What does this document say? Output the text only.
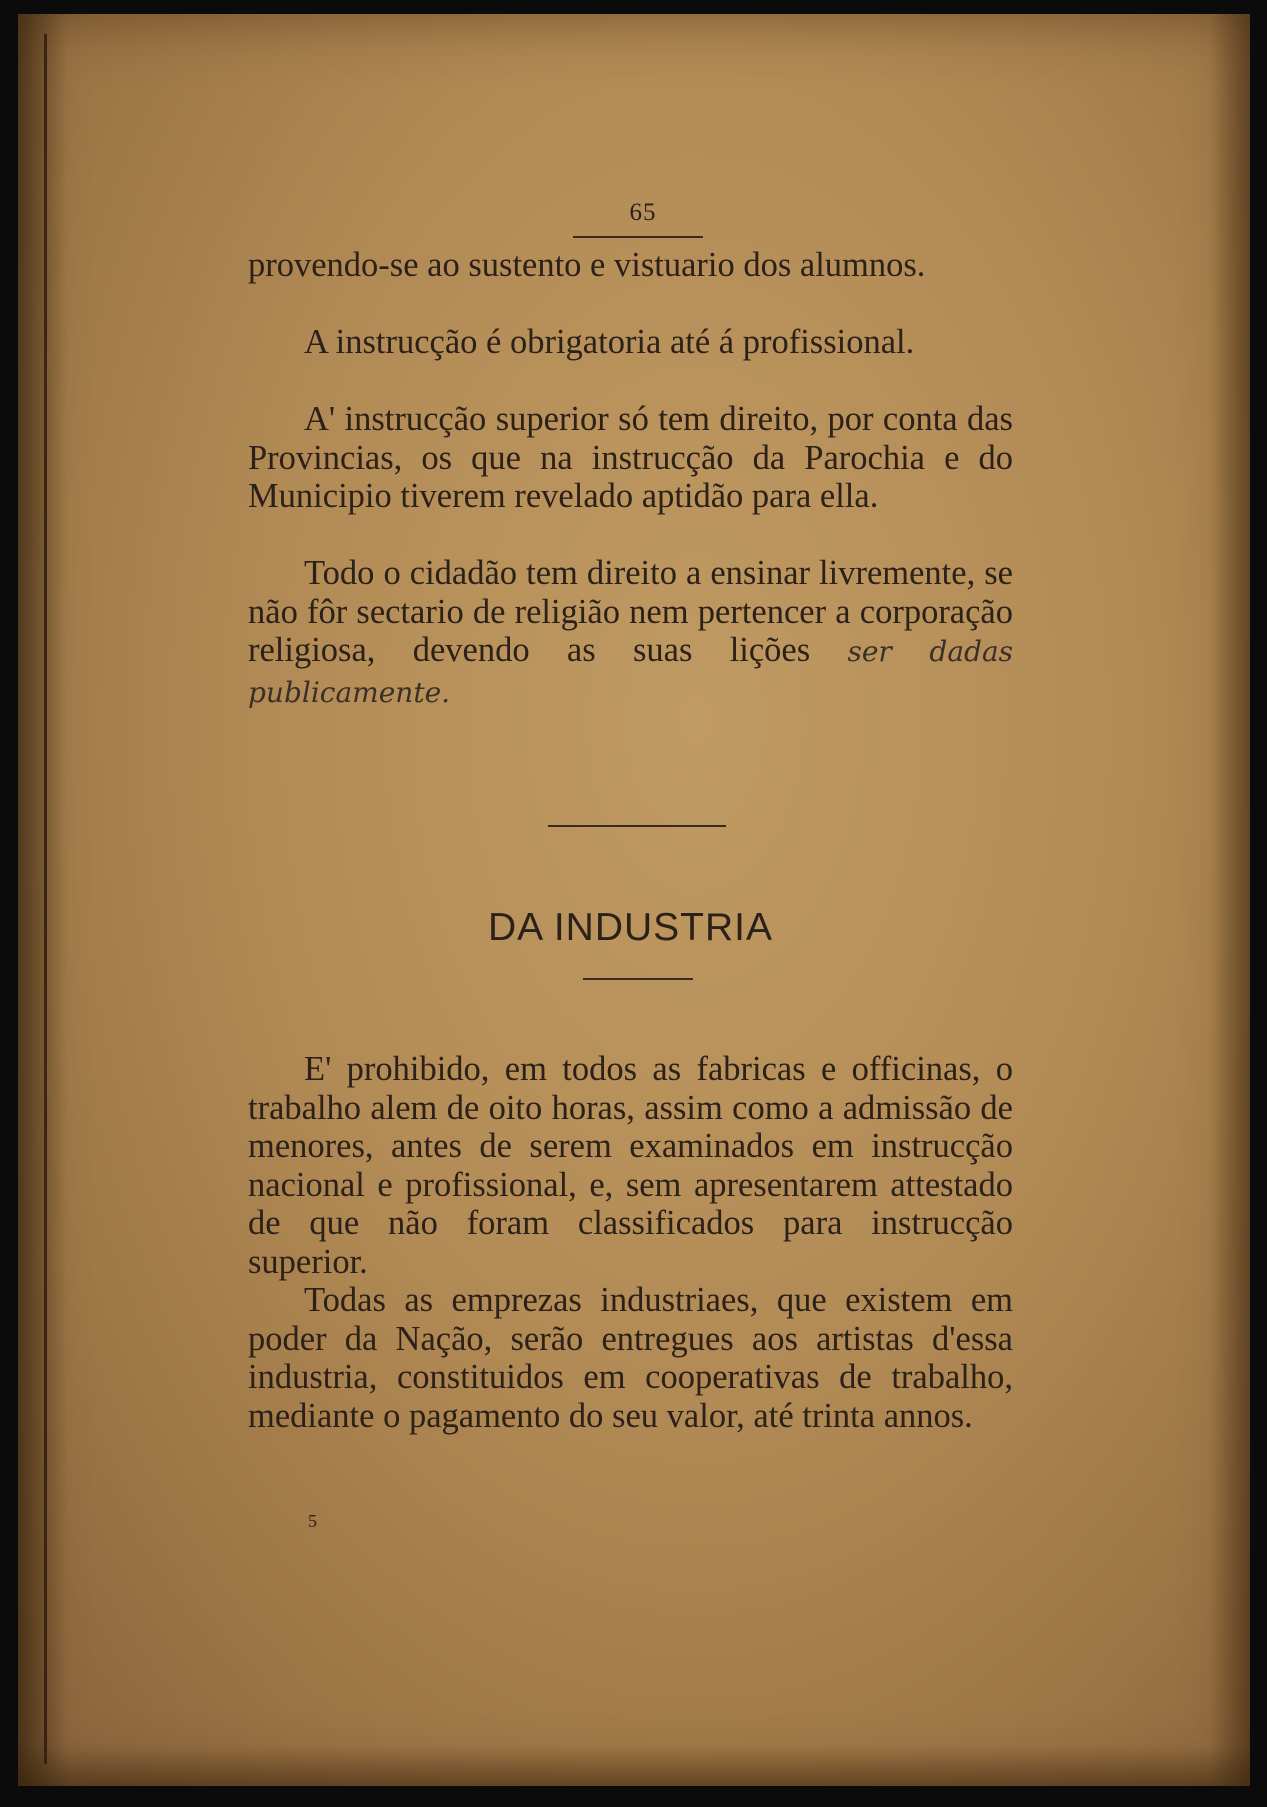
65

provendo-se ao sustento e vistuario dos alumnos.

A instrucção é obrigatoria até á profissional.

A' instrucção superior só tem direito, por conta das Provincias, os que na instrucção da Parochia e do Municipio tiverem revelado aptidão para ella.

Todo o cidadão tem direito a ensinar livremente, se não fôr sectario de religião nem pertencer a corporação religiosa, devendo as suas lições ser dadas publicamente.

DA INDUSTRIA

E' prohibido, em todos as fabricas e officinas, o trabalho alem de oito horas, assim como a admissão de menores, antes de serem examinados em instrucção nacional e profissional, e, sem apresentarem attestado de que não foram classificados para instrucção superior.

Todas as emprezas industriaes, que existem em poder da Nação, serão entregues aos artistas d'essa industria, constituidos em cooperativas de trabalho, mediante o pagamento do seu valor, até trinta annos.

5
